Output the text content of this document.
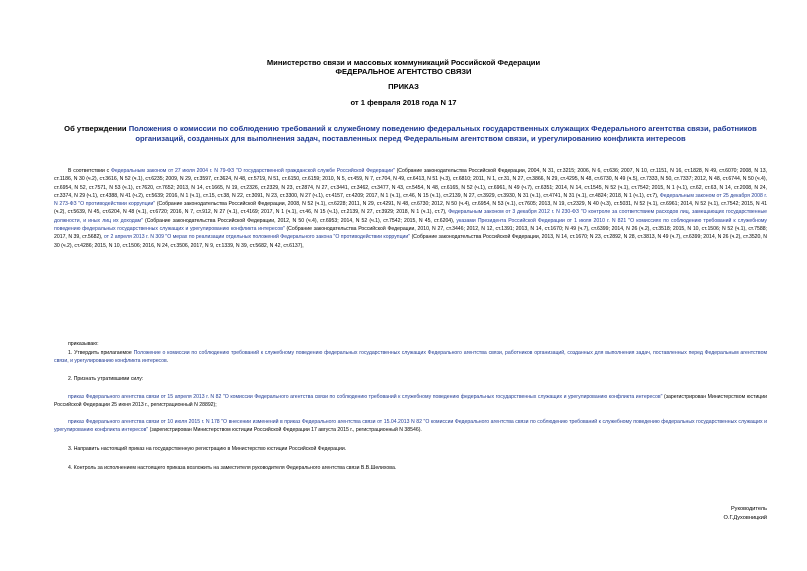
Министерство связи и массовых коммуникаций Российской Федерации
ФЕДЕРАЛЬНОЕ АГЕНТСТВО СВЯЗИ
ПРИКАЗ
от 1 февраля 2018 года N 17
Об утверждении Положения о комиссии по соблюдению требований к служебному поведению федеральных государственных служащих Федерального агентства связи, работников организаций, созданных для выполнения задач, поставленных перед Федеральным агентством связи, и урегулированию конфликта интересов
В соответствии с Федеральным законом от 27 июля 2004 г. N 79-ФЗ "О государственной гражданской службе Российской Федерации" (Собрание законодательства Российской Федерации, 2004, N 31, ст.3215; 2006, N 6, ст.636; 2007, N 10, ст.1151, N 16, ст.1828, N 49, ст.6070; 2008, N 13, ст.1186, N 30 (ч.2), ст.3616, N 52 (ч.1), ст.6235; 2009, N 29, ст.3597, ст.3624, N 48, ст.5719, N 51, ст.6150, ст.6159; 2010, N 5, ст.459, N 7, ст.704, N 49, ст.6413, N 51 (ч.3), ст.6810; 2011, N 1, ст.31, N 27, ст.3866, N 29, ст.4295, N 48, ст.6730, N 49 (ч.5), ст.7333, N 50, ст.7337; 2012, N 48, ст.6744, N 50 (ч.4), ст.6954, N 52, ст.7571, N 53 (ч.1), ст.7620, ст.7652; 2013, N 14, ст.1665, N 19, ст.2326, ст.2329, N 23, ст.2874, N 27, ст.3441, ст.3462, ст.3477, N 43, ст.5454, N 48, ст.6165, N 52 (ч.1), ст.6961, N 49 (ч.7), ст.6351; 2014, N 14, ст.1545, N 52 (ч.1), ст.7542; 2015, N 1 (ч.1), ст.62, ст.63, N 14, ст.2008, N 24, ст.3374, N 29 (ч.1), ст.4388, N 41 (ч.2), ст.5639; 2016, N 1 (ч.1), ст.15, ст.38, N 22, ст.3091, N 23, ст.3300, N 27 (ч.1), ст.4157, ст.4209; 2017, N 1 (ч.1), ст.46, N 15 (ч.1), ст.2139, N 27, ст.3929, ст.3930, N 31 (ч.1), ст.4741, N 31 (ч.1), ст.4824; 2018, N 1 (ч.1), ст.7), Федеральным законом от 25 декабря 2008 г. N 273-ФЗ "О противодействии коррупции" (Собрание законодательства Российской Федерации, 2008, N 52 (ч.1), ст.6228; 2011, N 29, ст.4291, N 48, ст.6730; 2012, N 50 (ч.4), ст.6954, N 53 (ч.1), ст.7605; 2013, N 19, ст.2329, N 40 (ч.3), ст.5031, N 52 (ч.1), ст.6961; 2014, N 52 (ч.1), ст.7542; 2015, N 41 (ч.2), ст.5639, N 45, ст.6204, N 48 (ч.1), ст.6720; 2016, N 7, ст.912, N 27 (ч.1), ст.4169; 2017, N 1 (ч.1), ст.46, N 15 (ч.1), ст.2139, N 27, ст.3929; 2018, N 1 (ч.1), ст.7), Федеральным законом от 3 декабря 2012 г. N 230-ФЗ "О контроле за соответствием расходов лиц, замещающих государственные должности, и иных лиц их доходам" (Собрание законодательства Российской Федерации, 2012, N 50 (ч.4), ст.6953; 2014, N 52 (ч.1), ст.7542; 2015, N 45, ст.6204), указами Президента Российской Федерации от 1 июля 2010 г. N 821 "О комиссиях по соблюдению требований к служебному поведению федеральных государственных служащих и урегулированию конфликта интересов" (Собрание законодательства Российской Федерации, 2010, N 27, ст.3446; 2012, N 12, ст.1391; 2013, N 14, ст.1670; N 49 (ч.7), ст.6399; 2014, N 26 (ч.2), ст.3518; 2015, N 10, ст.1506; N 52 (ч.1), ст.7588; 2017, N 39, ст.5682), от 2 апреля 2013 г. N 309 "О мерах по реализации отдельных положений Федерального закона "О противодействии коррупции" (Собрание законодательства Российской Федерации, 2013, N 14, ст.1670; N 23, ст.2892, N 28, ст.3813, N 49 (ч.7), ст.6399; 2014, N 26 (ч.2), ст.3520, N 30 (ч.2), ст.4286; 2015, N 10, ст.1506; 2016, N 24, ст.3506, 2017, N 9, ст.1339, N 39, ст.5682, N 42, ст.6137),
приказываю:
1. Утвердить прилагаемое Положение о комиссии по соблюдению требований к служебному поведению федеральных государственных служащих Федерального агентства связи, работников организаций, созданных для выполнения задач, поставленных перед Федеральным агентством связи, и урегулированию конфликта интересов.
2. Признать утратившими силу:
приказ Федерального агентства связи от 15 апреля 2013 г. N 82 "О комиссии Федерального агентства связи по соблюдению требований к служебному поведению федеральных государственных служащих и урегулированию конфликта интересов" (зарегистрирован Министерством юстиции Российской Федерации 25 июня 2013 г., регистрационный N 28892);
приказ Федерального агентства связи от 10 июля 2015 г. N 178 "О внесении изменений в приказ Федерального агентства связи от 15.04.2013 N 82 "О комиссии Федерального агентства связи по соблюдению требований к служебному поведению федеральных государственных служащих и урегулированию конфликта интересов" (зарегистрирован Министерством юстиции Российской Федерации 17 августа 2015 г., регистрационный N 38546).
3. Направить настоящий приказ на государственную регистрацию в Министерство юстиции Российской Федерации.
4. Контроль за исполнением настоящего приказа возложить на заместителя руководителя Федерального агентства связи В.В.Шелихова.
Руководитель
О.Г.Духовницкий
